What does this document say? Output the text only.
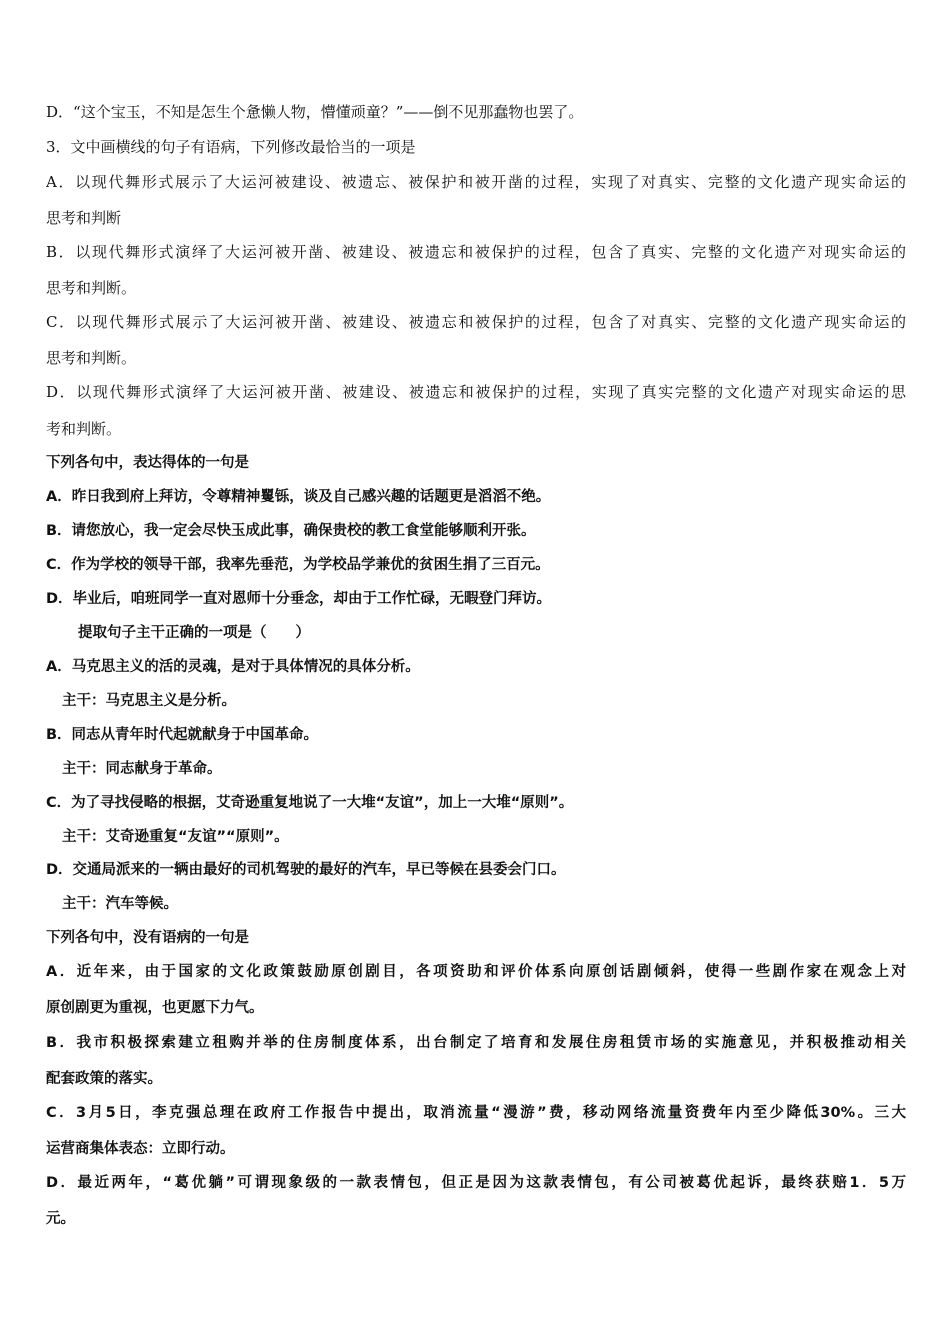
D．“这个宝玉，不知是怎生个惫懒人物，懵懂顽童？”——倒不见那蠢物也罢了。
3．文中画横线的句子有语病，下列修改最恰当的一项是
A．以现代舞形式展示了大运河被建设、被遗忘、被保护和被开凿的过程，实现了对真实、完整的文化遗产现实命运的
思考和判断
B．以现代舞形式演绎了大运河被开凿、被建设、被遗忘和被保护的过程，包含了真实、完整的文化遗产对现实命运的
思考和判断。
C．以现代舞形式展示了大运河被开凿、被建设、被遗忘和被保护的过程，包含了对真实、完整的文化遗产现实命运的
思考和判断。
D．以现代舞形式演绎了大运河被开凿、被建设、被遗忘和被保护的过程，实现了真实完整的文化遗产对现实命运的思
考和判断。
下列各句中，表达得体的一句是
A．昨日我到府上拜访，令尊精神矍铄，谈及自己感兴趣的话题更是滔滔不绝。
B．请您放心，我一定会尽快玉成此事，确保贵校的教工食堂能够顺利开张。
C．作为学校的领导干部，我率先垂范，为学校品学兼优的贫困生捐了三百元。
D．毕业后，咱班同学一直对恩师十分垂念，却由于工作忙碌，无暇登门拜访。
提取句子主干正确的一项是（　　）
A．马克思主义的活的灵魂，是对于具体情况的具体分析。
主干：马克思主义是分析。
B．同志从青年时代起就献身于中国革命。
主干：同志献身于革命。
C．为了寻找侵略的根据，艾奇逊重复地说了一大堆“友谊”，加上一大堆“原则”。
主干：艾奇逊重复“友谊”“原则”。
D．交通局派来的一辆由最好的司机驾驶的最好的汽车，早已等候在县委会门口。
主干：汽车等候。
下列各句中，没有语病的一句是
A．近年来，由于国家的文化政策鼓励原创剧目，各项资助和评价体系向原创话剧倾斜，使得一些剧作家在观念上对
原创剧更为重视，也更愿下力气。
B．我市积极探索建立租购并举的住房制度体系，出台制定了培育和发展住房租赁市场的实施意见，并积极推动相关
配套政策的落实。
C．3月5日，李克强总理在政府工作报告中提出，取消流量“漫游”费，移动网络流量资费年内至少降低30%。三大
运营商集体表态：立即行动。
D．最近两年，“葛优躺”可谓现象级的一款表情包，但正是因为这款表情包，有公司被葛优起诉，最终获赔1．5万
元。
